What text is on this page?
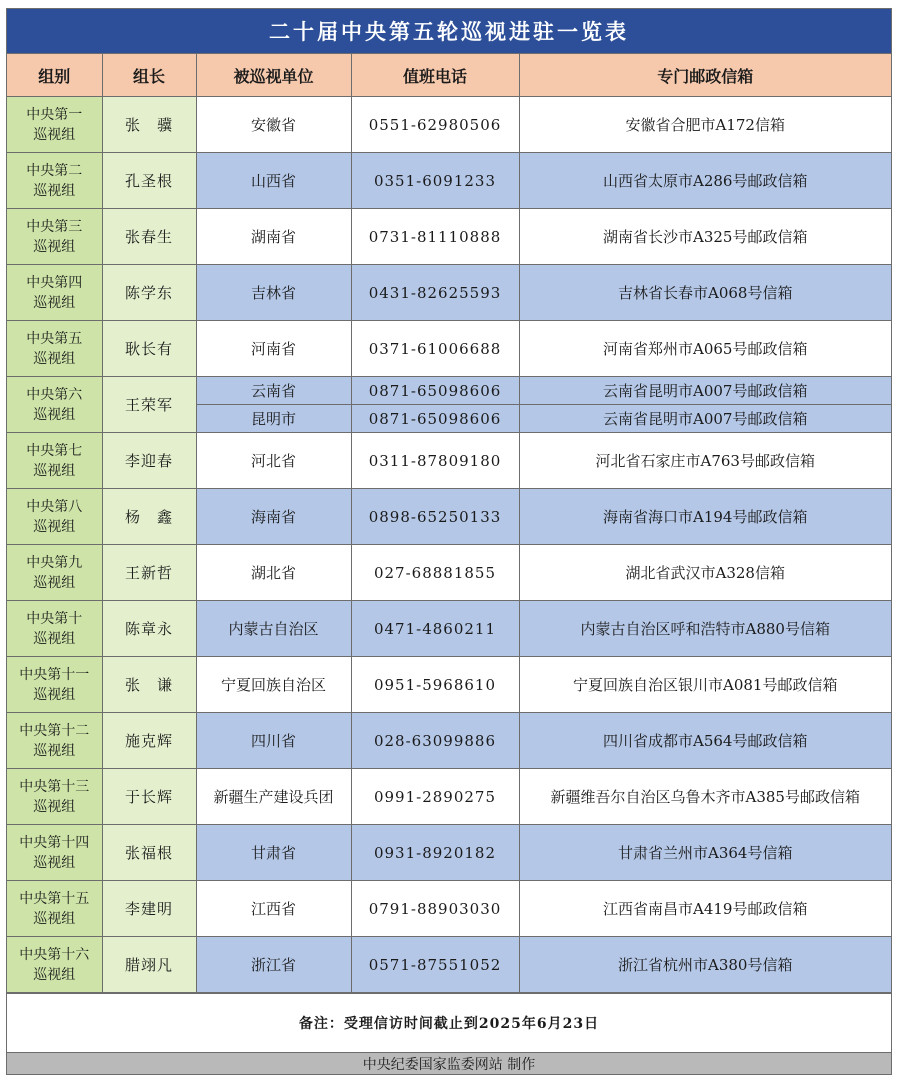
二十届中央第五轮巡视进驻一览表
组别	组长	被巡视单位	值班电话	专门邮政信箱
中央第一
巡视组	张　骥	安徽省	0551-62980506	安徽省合肥市A172信箱
中央第二
巡视组	孔圣根	山西省	0351-6091233	山西省太原市A286号邮政信箱
中央第三
巡视组	张春生	湖南省	0731-81110888	湖南省长沙市A325号邮政信箱
中央第四
巡视组	陈学东	吉林省	0431-82625593	吉林省长春市A068号信箱
中央第五
巡视组	耿长有	河南省	0371-61006688	河南省郑州市A065号邮政信箱
中央第六
巡视组	王荣军	云南省	0871-65098606	云南省昆明市A007号邮政信箱
		昆明市	0871-65098606	云南省昆明市A007号邮政信箱
中央第七
巡视组	李迎春	河北省	0311-87809180	河北省石家庄市A763号邮政信箱
中央第八
巡视组	杨　鑫	海南省	0898-65250133	海南省海口市A194号邮政信箱
中央第九
巡视组	王新哲	湖北省	027-68881855	湖北省武汉市A328信箱
中央第十
巡视组	陈章永	内蒙古自治区	0471-4860211	内蒙古自治区呼和浩特市A880号信箱
中央第十一
巡视组	张　谦	宁夏回族自治区	0951-5968610	宁夏回族自治区银川市A081号邮政信箱
中央第十二
巡视组	施克辉	四川省	028-63099886	四川省成都市A564号邮政信箱
中央第十三
巡视组	于长辉	新疆生产建设兵团	0991-2890275	新疆维吾尔自治区乌鲁木齐市A385号邮政信箱
中央第十四
巡视组	张福根	甘肃省	0931-8920182	甘肃省兰州市A364号信箱
中央第十五
巡视组	李建明	江西省	0791-88903030	江西省南昌市A419号邮政信箱
中央第十六
巡视组	腊翊凡	浙江省	0571-87551052	浙江省杭州市A380号信箱
备注：受理信访时间截止到2025年6月23日
中央纪委国家监委网站 制作
